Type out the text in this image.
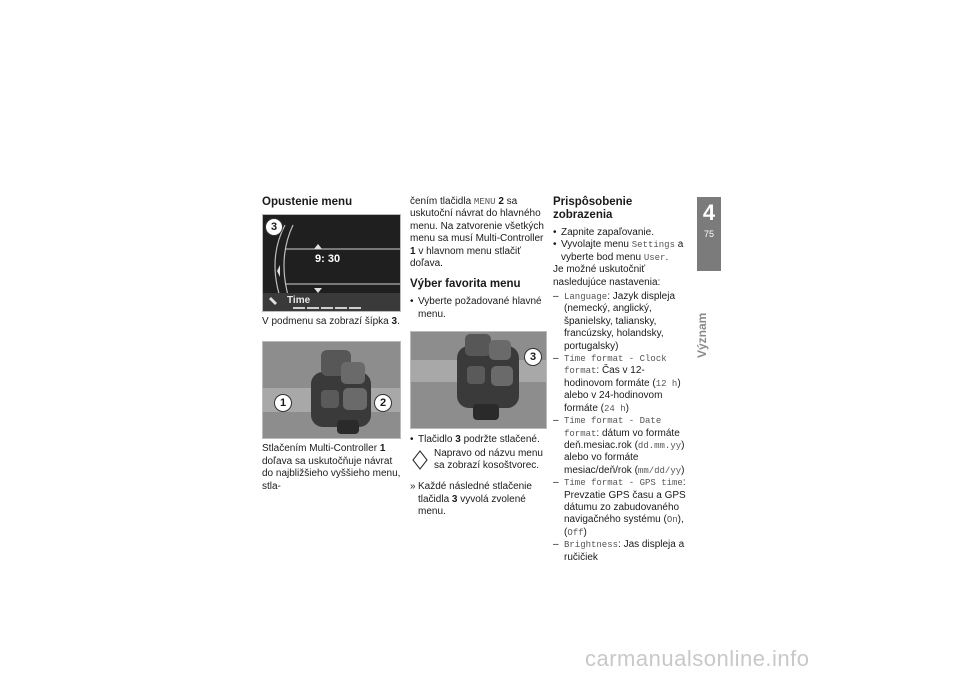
Opustenie menu
3
9: 30
Time

V podmenu sa zobrazí šípka 3.

1	2

Stlačením Multi-Controller 1 doľava sa uskutočňuje návrat do najbližšieho vyššieho menu, stla-

čením tlačidla MENU 2 sa uskutoční návrat do hlavného menu. Na zatvorenie všetkých menu sa musí Multi-Controller 1 v hlavnom menu stlačiť doľava.

Výber favorita menu
• Vyberte požadované hlavné menu.
3
• Tlačidlo 3 podržte stlačené.
Napravo od názvu menu sa zobrazí kosoštvorec.
» Každé následné stlačenie tlačidla 3 vyvolá zvolené menu.
Prispôsobenie zobrazenia
• Zapnite zapaľovanie.
• Vyvolajte menu Settings a vyberte bod menu User.

Je možné uskutočniť nasledujúce nastavenia:

– Language: Jazyk displeja (nemecký, anglický, španielsky, taliansky, francúzsky, holandsky, portugalsky)
– Time format - Clock format: Čas v 12-hodinovom formáte (12 h) alebo v 24-hodinovom formáte (24 h)
– Time format - Date format: dátum vo formáte deň.mesiac.rok (dd.mm.yy) alebo vo formáte mesiac/deň/rok (mm/dd/yy)
– Time format - GPS time: Prevzatie GPS času a GPS dátumu zo zabudovaného navigačného systému (On), (Off)
– Brightness: Jas displeja a ručičiek
4
75
Význam
carmanualsonline.info
